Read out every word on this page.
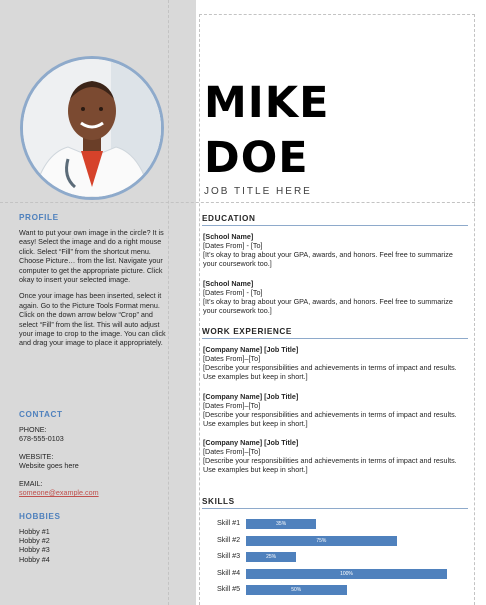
PROFILE

Want to put your own image in the circle? It is easy! Select the image and do a right mouse click. Select “Fill” from the shortcut menu. Choose Picture… from the list. Navigate your computer to get the appropriate picture. Click okay to insert your selected image.

Once your image has been inserted, select it again. Go to the Picture Tools Format menu. Click on the down arrow below “Crop” and select “Fill” from the list. This will auto adjust your image to crop to the image. You can click and drag your image to place it appropriately.

CONTACT
PHONE:
678-555-0103
WEBSITE:
Website goes here
EMAIL:
someone@example.com
HOBBIES
Hobby #1
Hobby #2
Hobby #3
Hobby #4
MIKE
DOE
JOB TITLE HERE
EDUCATION
[School Name]
[Dates From] - [To]
[It’s okay to brag about your GPA, awards, and honors. Feel free to summarize your coursework too.]
[School Name]
[Dates From] - [To]
[It’s okay to brag about your GPA, awards, and honors. Feel free to summarize your coursework too.]
WORK EXPERIENCE
[Company Name] [Job Title]
[Dates From]–[To]
[Describe your responsibilities and achievements in terms of impact and results. Use examples but keep in short.]
[Company Name] [Job Title]
[Dates From]–[To]
[Describe your responsibilities and achievements in terms of impact and results. Use examples but keep in short.]
[Company Name] [Job Title]
[Dates From]–[To]
[Describe your responsibilities and achievements in terms of impact and results. Use examples but keep in short.]
SKILLS
Skill #1	35%
Skill #2	75%
Skill #3	25%
Skill #4	100%
Skill #5	50%
